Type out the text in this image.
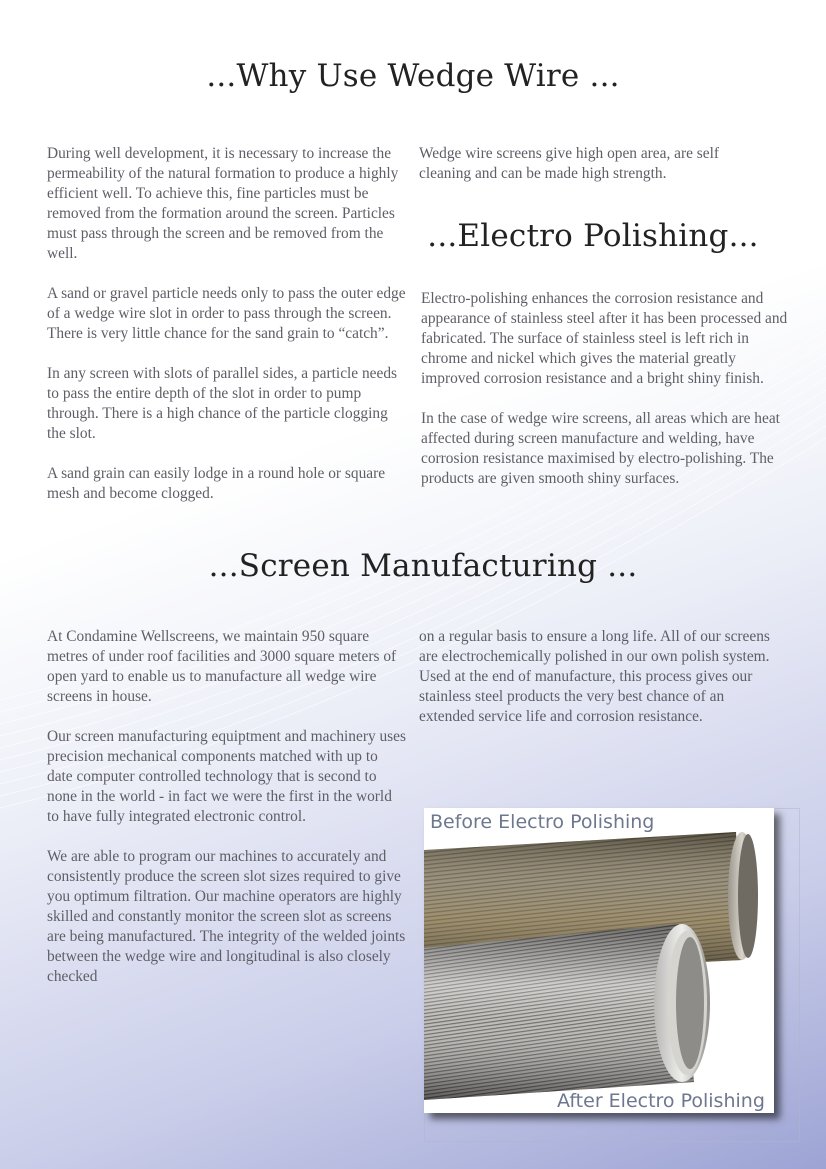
...Why Use Wedge Wire ...

During well development, it is necessary to increase the permeability of the natural formation to produce a highly efficient well. To achieve this, fine particles must be removed from the formation around the screen. Particles must pass through the screen and be removed from the well.

A sand or gravel particle needs only to pass the outer edge of a wedge wire slot in order to pass through the screen. There is very little chance for the sand grain to “catch”.

In any screen with slots of parallel sides, a particle needs to pass the entire depth of the slot in order to pump through. There is a high chance of the particle clogging the slot.

A sand grain can easily lodge in a round hole or square mesh and become clogged.

Wedge wire screens give high open area, are self cleaning and can be made high strength.

...Electro Polishing...

Electro-polishing enhances the corrosion resistance and appearance of stainless steel after it has been processed and fabricated. The surface of stainless steel is left rich in chrome and nickel which gives the material greatly improved corrosion resistance and a bright shiny finish.

In the case of wedge wire screens, all areas which are heat affected during screen manufacture and welding, have corrosion resistance maximised by electro-polishing. The products are given smooth shiny surfaces.

...Screen Manufacturing ...

At Condamine Wellscreens, we maintain 950 square metres of under roof facilities and 3000 square meters of open yard to enable us to manufacture all wedge wire screens in house.

Our screen manufacturing equiptment and machinery uses precision mechanical components matched with up to date computer controlled technology that is second to none in the world - in fact we were the first in the world to have fully integrated electronic control.

We are able to program our machines to accurately and consistently produce the screen slot sizes required to give you optimum filtration. Our machine operators are highly skilled and constantly monitor the screen slot as screens are being manufactured. The integrity of the welded joints between the wedge wire and longitudinal is also closely checked

on a regular basis to ensure a long life. All of our screens are electrochemically polished in our own polish system. Used at the end of manufacture, this process gives our stainless steel products the very best chance of an extended service life and corrosion resistance.

Before Electro Polishing
After Electro Polishing
